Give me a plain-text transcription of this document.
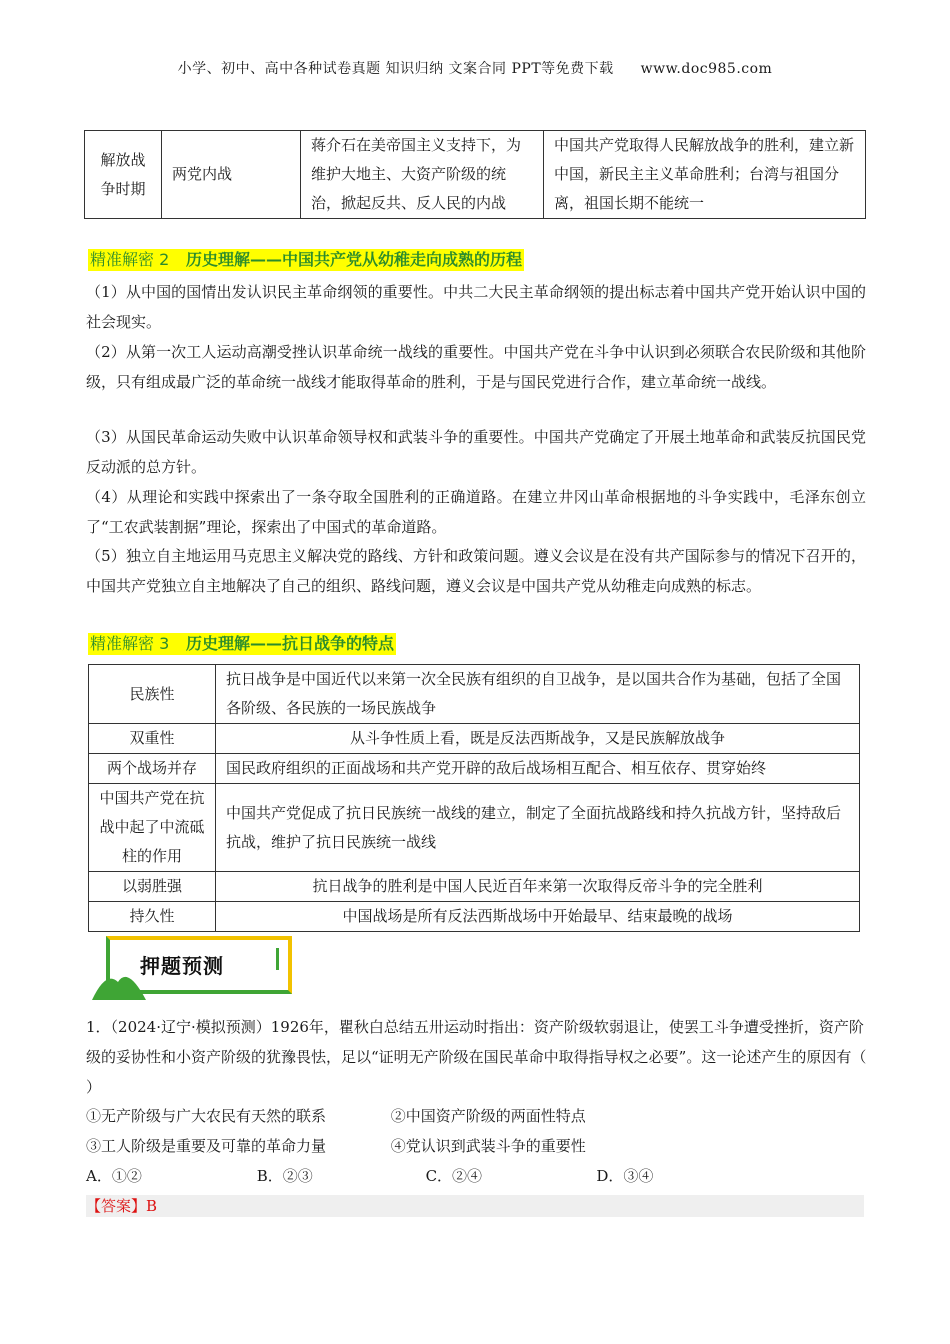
小学、初中、高中各种试卷真题 知识归纳 文案合同 PPT等免费下载 www.doc985.com
解放战争时期	两党内战	蒋介石在美帝国主义支持下，为维护大地主、大资产阶级的统治，掀起反共、反人民的内战	中国共产党取得人民解放战争的胜利，建立新中国，新民主主义革命胜利；台湾与祖国分离，祖国长期不能统一
精准解密 2 历史理解——中国共产党从幼稚走向成熟的历程

（1）从中国的国情出发认识民主革命纲领的重要性。中共二大民主革命纲领的提出标志着中国共产党开始认识中国的社会现实。

（2）从第一次工人运动高潮受挫认识革命统一战线的重要性。中国共产党在斗争中认识到必须联合农民阶级和其他阶级，只有组成最广泛的革命统一战线才能取得革命的胜利，于是与国民党进行合作，建立革命统一战线。

（3）从国民革命运动失败中认识革命领导权和武装斗争的重要性。中国共产党确定了开展土地革命和武装反抗国民党反动派的总方针。

（4）从理论和实践中探索出了一条夺取全国胜利的正确道路。在建立井冈山革命根据地的斗争实践中，毛泽东创立了“工农武装割据”理论，探索出了中国式的革命道路。

（5）独立自主地运用马克思主义解决党的路线、方针和政策问题。遵义会议是在没有共产国际参与的情况下召开的，中国共产党独立自主地解决了自己的组织、路线问题，遵义会议是中国共产党从幼稚走向成熟的标志。

精准解密 3 历史理解——抗日战争的特点
民族性	抗日战争是中国近代以来第一次全民族有组织的自卫战争，是以国共合作为基础，包括了全国各阶级、各民族的一场民族战争
双重性	从斗争性质上看，既是反法西斯战争，又是民族解放战争
两个战场并存	国民政府组织的正面战场和共产党开辟的敌后战场相互配合、相互依存、贯穿始终
中国共产党在抗战中起了中流砥柱的作用	中国共产党促成了抗日民族统一战线的建立，制定了全面抗战路线和持久抗战方针，坚持敌后抗战，维护了抗日民族统一战线
以弱胜强	抗日战争的胜利是中国人民近百年来第一次取得反帝斗争的完全胜利
持久性	中国战场是所有反法西斯战场中开始最早、结束最晚的战场
押题预测
1．（2024·辽宁·模拟预测）1926年，瞿秋白总结五卅运动时指出：资产阶级软弱退让，使罢工斗争遭受挫折，资产阶级的妥协性和小资产阶级的犹豫畏怯，足以“证明无产阶级在国民革命中取得指导权之必要”。这一论述产生的原因有（ ）
①无产阶级与广大农民有天然的联系	②中国资产阶级的两面性特点
③工人阶级是重要及可靠的革命力量	④党认识到武装斗争的重要性
A．①②	B．②③	C．②④	D．③④
【答案】B
